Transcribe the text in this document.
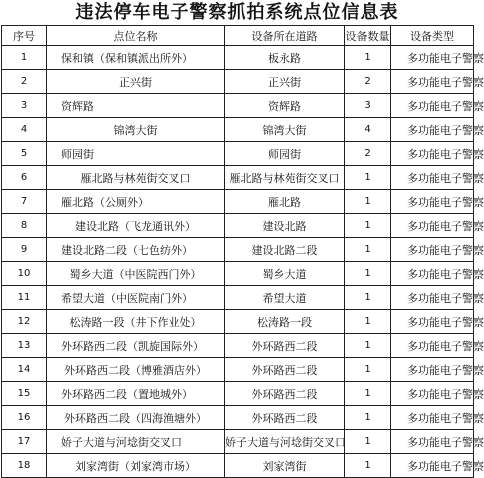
违法停车电子警察抓拍系统点位信息表
序号	点位名称	设备所在道路	设备数量	设备类型
1	保和镇（保和镇派出所外）	板永路	1	多功能电子警察
2	正兴街	正兴街	2	多功能电子警察
3	资辉路	资辉路	3	多功能电子警察
4	锦湾大街	锦湾大街	4	多功能电子警察
5	师园街	师园街	2	多功能电子警察
6	雁北路与林苑街交叉口	雁北路与林苑街交叉口	1	多功能电子警察
7	雁北路（公厕外）	雁北路	1	多功能电子警察
8	建设北路（飞龙通讯外）	建设北路	1	多功能电子警察
9	建设北路二段（七色纺外）	建设北路二段	1	多功能电子警察
10	蜀乡大道（中医院西门外）	蜀乡大道	1	多功能电子警察
11	希望大道（中医院南门外）	希望大道	1	多功能电子警察
12	松涛路一段（井下作业处）	松涛路一段	1	多功能电子警察
13	外环路西二段（凯旋国际外）	外环路西二段	1	多功能电子警察
14	外环路西二段（博雅酒店外）	外环路西二段	1	多功能电子警察
15	外环路西二段（置地城外）	外环路西二段	1	多功能电子警察
16	外环路西二段（四海渔塘外）	外环路西二段	1	多功能电子警察
17	娇子大道与河埝街交叉口	娇子大道与河埝街交叉口	1	多功能电子警察
18	刘家湾街（刘家湾市场）	刘家湾街	1	多功能电子警察
